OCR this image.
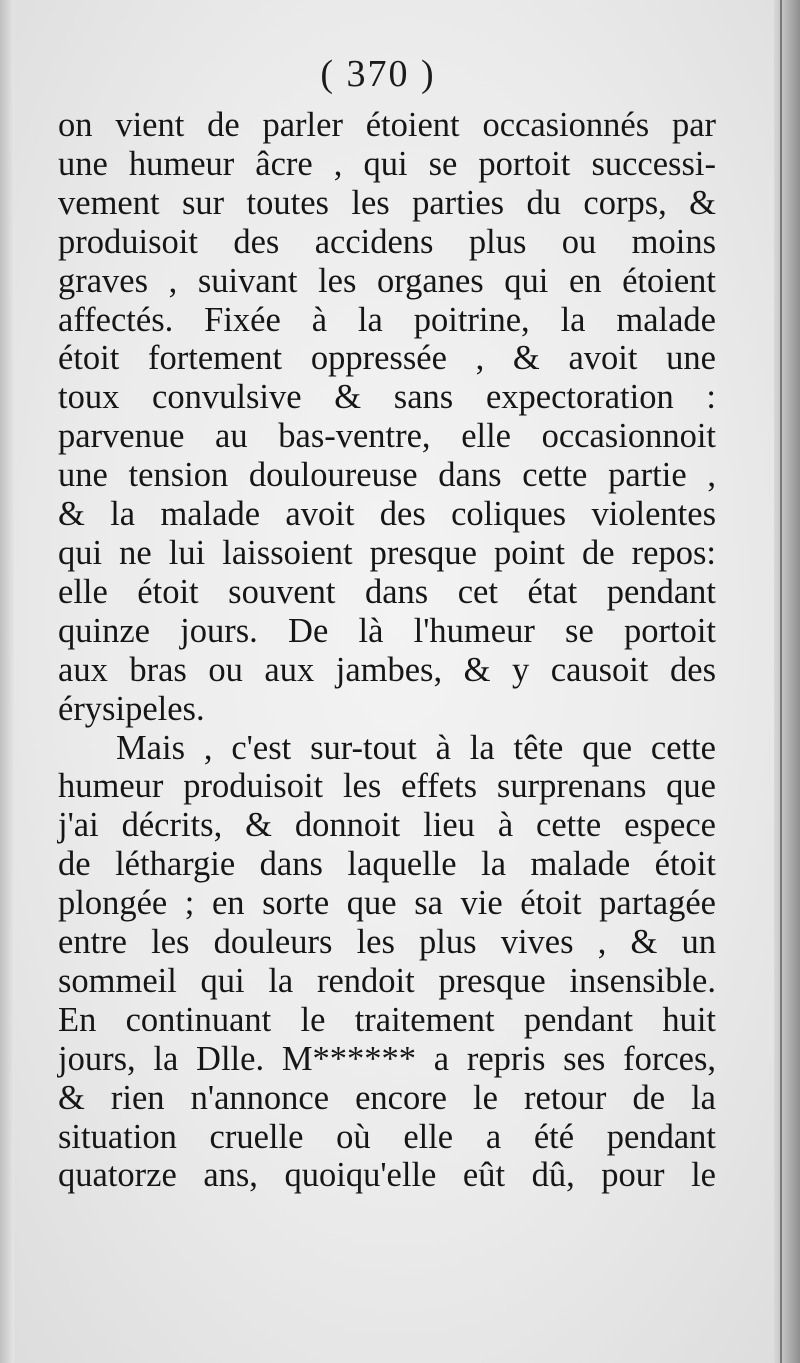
( 370 )
on vient de parler étoient occasionnés par
une humeur âcre , qui se portoit successi-
vement sur toutes les parties du corps, &
produisoit des accidens plus ou moins
graves , suivant les organes qui en étoient
affectés. Fixée à la poitrine, la malade
étoit fortement oppressée , & avoit une
toux convulsive & sans expectoration :
parvenue au bas-ventre, elle occasionnoit
une tension douloureuse dans cette partie ,
& la malade avoit des coliques violentes
qui ne lui laissoient presque point de repos:
elle étoit souvent dans cet état pendant
quinze jours. De là l'humeur se portoit
aux bras ou aux jambes, & y causoit des
érysipeles.
Mais , c'est sur-tout à la tête que cette
humeur produisoit les effets surprenans que
j'ai décrits, & donnoit lieu à cette espece
de léthargie dans laquelle la malade étoit
plongée ; en sorte que sa vie étoit partagée
entre les douleurs les plus vives , & un
sommeil qui la rendoit presque insensible.
En continuant le traitement pendant huit
jours, la Dlle. M****** a repris ses forces,
& rien n'annonce encore le retour de la
situation cruelle où elle a été pendant
quatorze ans, quoiqu'elle eût dû, pour le
